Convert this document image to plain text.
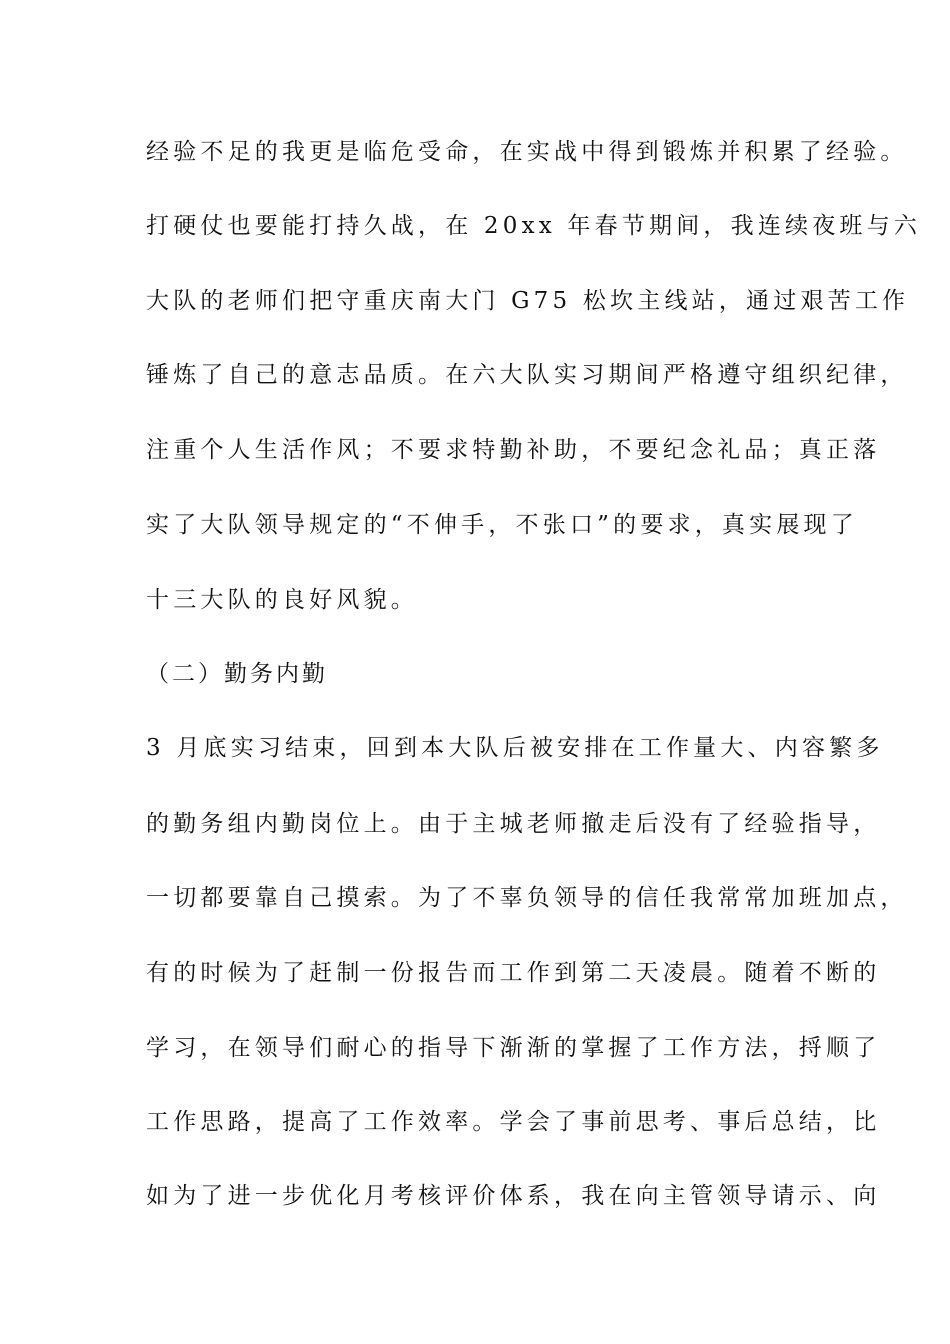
经验不足的我更是临危受命，在实战中得到锻炼并积累了经验。
打硬仗也要能打持久战，在 20xx 年春节期间，我连续夜班与六
大队的老师们把守重庆南大门 G75 松坎主线站，通过艰苦工作
锤炼了自己的意志品质。在六大队实习期间严格遵守组织纪律，
注重个人生活作风；不要求特勤补助，不要纪念礼品；真正落
实了大队领导规定的“不伸手，不张口”的要求，真实展现了
十三大队的良好风貌。
（二）勤务内勤
3 月底实习结束，回到本大队后被安排在工作量大、内容繁多
的勤务组内勤岗位上。由于主城老师撤走后没有了经验指导，
一切都要靠自己摸索。为了不辜负领导的信任我常常加班加点，
有的时候为了赶制一份报告而工作到第二天凌晨。随着不断的
学习，在领导们耐心的指导下渐渐的掌握了工作方法，捋顺了
工作思路，提高了工作效率。学会了事前思考、事后总结，比
如为了进一步优化月考核评价体系，我在向主管领导请示、向
